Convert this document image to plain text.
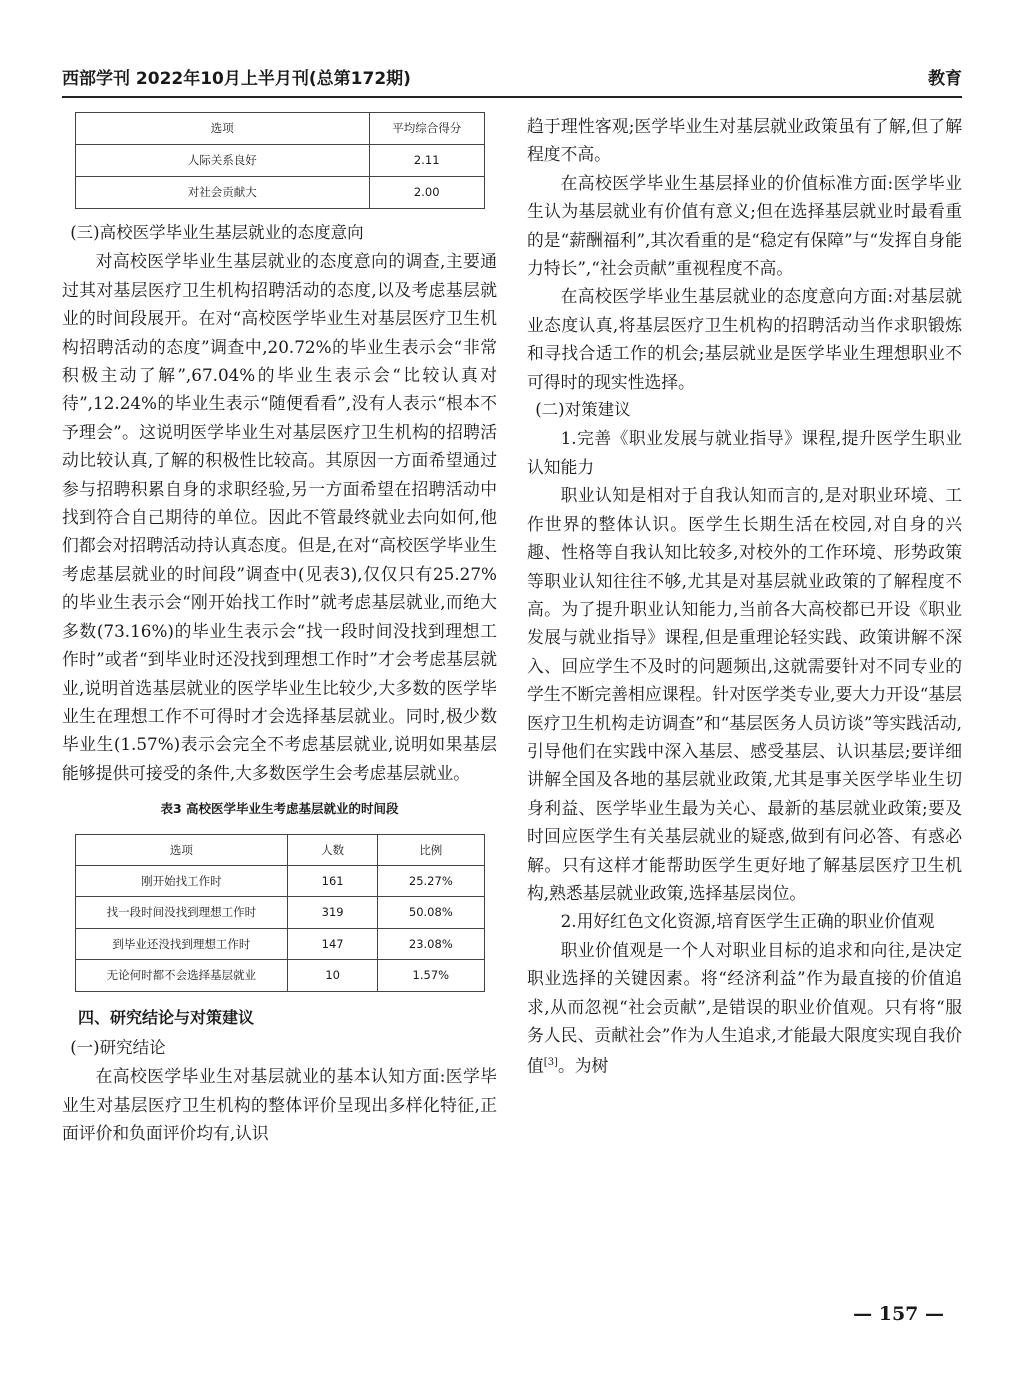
西部学刊 2022年10月上半月刊(总第172期)	教育
选项	平均综合得分
人际关系良好	2.11
对社会贡献大	2.00

(三)高校医学毕业生基层就业的态度意向

对高校医学毕业生基层就业的态度意向的调查,主要通过其对基层医疗卫生机构招聘活动的态度,以及考虑基层就业的时间段展开。在对“高校医学毕业生对基层医疗卫生机构招聘活动的态度”调查中,20.72%的毕业生表示会“非常积极主动了解”,67.04%的毕业生表示会“比较认真对待”,12.24%的毕业生表示“随便看看”,没有人表示“根本不予理会”。这说明医学毕业生对基层医疗卫生机构的招聘活动比较认真,了解的积极性比较高。其原因一方面希望通过参与招聘积累自身的求职经验,另一方面希望在招聘活动中找到符合自己期待的单位。因此不管最终就业去向如何,他们都会对招聘活动持认真态度。但是,在对“高校医学毕业生考虑基层就业的时间段”调查中(见表3),仅仅只有25.27%的毕业生表示会“刚开始找工作时”就考虑基层就业,而绝大多数(73.16%)的毕业生表示会“找一段时间没找到理想工作时”或者“到毕业时还没找到理想工作时”才会考虑基层就业,说明首选基层就业的医学毕业生比较少,大多数的医学毕业生在理想工作不可得时才会选择基层就业。同时,极少数毕业生(1.57%)表示会完全不考虑基层就业,说明如果基层能够提供可接受的条件,大多数医学生会考虑基层就业。

表3 高校医学毕业生考虑基层就业的时间段
选项	人数	比例
刚开始找工作时	161	25.27%
找一段时间没找到理想工作时	319	50.08%
到毕业还没找到理想工作时	147	23.08%
无论何时都不会选择基层就业	10	1.57%

四、研究结论与对策建议

(一)研究结论

在高校医学毕业生对基层就业的基本认知方面:医学毕业生对基层医疗卫生机构的整体评价呈现出多样化特征,正面评价和负面评价均有,认识

趋于理性客观;医学毕业生对基层就业政策虽有了解,但了解程度不高。

在高校医学毕业生基层择业的价值标准方面:医学毕业生认为基层就业有价值有意义;但在选择基层就业时最看重的是“薪酬福利”,其次看重的是“稳定有保障”与“发挥自身能力特长”,“社会贡献”重视程度不高。

在高校医学毕业生基层就业的态度意向方面:对基层就业态度认真,将基层医疗卫生机构的招聘活动当作求职锻炼和寻找合适工作的机会;基层就业是医学毕业生理想职业不可得时的现实性选择。

(二)对策建议

1.完善《职业发展与就业指导》课程,提升医学生职业认知能力

职业认知是相对于自我认知而言的,是对职业环境、工作世界的整体认识。医学生长期生活在校园,对自身的兴趣、性格等自我认知比较多,对校外的工作环境、形势政策等职业认知往往不够,尤其是对基层就业政策的了解程度不高。为了提升职业认知能力,当前各大高校都已开设《职业发展与就业指导》课程,但是重理论轻实践、政策讲解不深入、回应学生不及时的问题频出,这就需要针对不同专业的学生不断完善相应课程。针对医学类专业,要大力开设“基层医疗卫生机构走访调查”和“基层医务人员访谈”等实践活动,引导他们在实践中深入基层、感受基层、认识基层;要详细讲解全国及各地的基层就业政策,尤其是事关医学毕业生切身利益、医学毕业生最为关心、最新的基层就业政策;要及时回应医学生有关基层就业的疑惑,做到有问必答、有惑必解。只有这样才能帮助医学生更好地了解基层医疗卫生机构,熟悉基层就业政策,选择基层岗位。

2.用好红色文化资源,培育医学生正确的职业价值观

职业价值观是一个人对职业目标的追求和向往,是决定职业选择的关键因素。将“经济利益”作为最直接的价值追求,从而忽视“社会贡献”,是错误的职业价值观。只有将“服务人民、贡献社会”作为人生追求,才能最大限度实现自我价值[3]。为树

— 157 —
